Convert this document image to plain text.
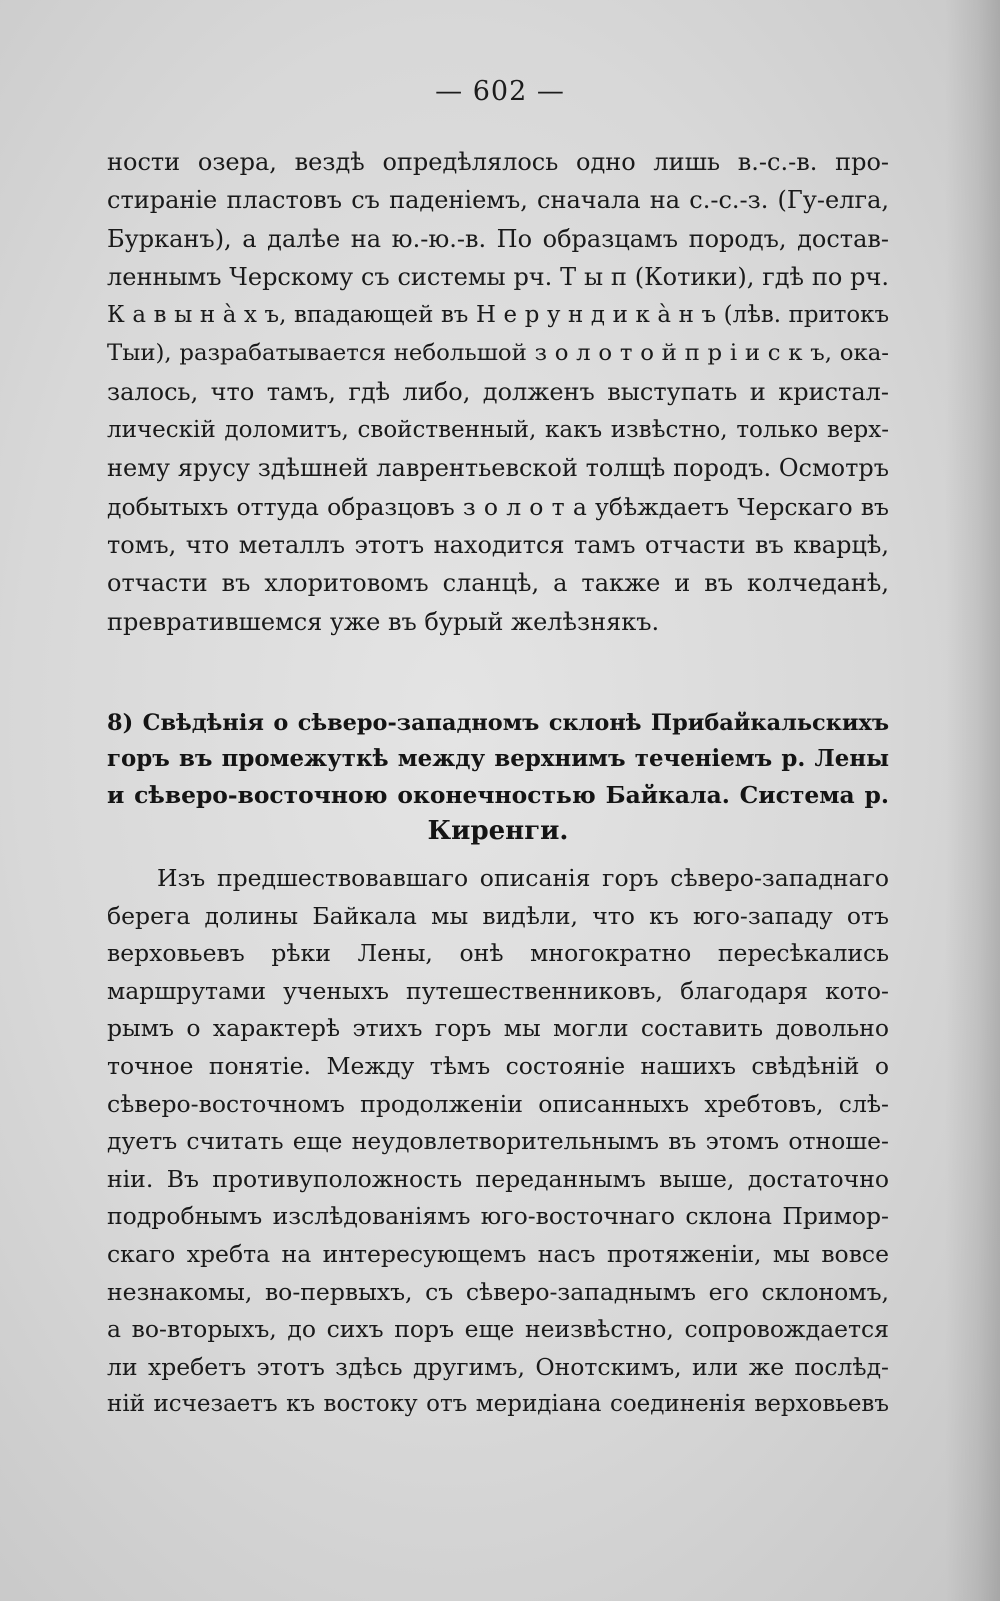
— 602 —
ности озера, вездѣ опредѣлялось одно лишь в.-с.-в. про-
стираніе пластовъ съ паденіемъ, сначала на с.-с.-з. (Гу-елга,
Бурканъ), а далѣе на ю.-ю.-в. По образцамъ породъ, достав-
леннымъ Черскому съ системы рч. Т ы п (Котики), гдѣ по рч.
К а в ы н а̀ х ъ, впадающей въ Н е р у н д и к а̀ н ъ (лѣв. притокъ
Тыи), разрабатывается небольшой з о л о т о й п р і и с к ъ, ока-
залось, что тамъ, гдѣ либо, долженъ выступать и кристал-
лическій доломитъ, свойственный, какъ извѣстно, только верх-
нему ярусу здѣшней лаврентьевской толщѣ породъ. Осмотръ
добытыхъ оттуда образцовъ з о л о т а убѣждаетъ Черскаго въ
томъ, что металлъ этотъ находится тамъ отчасти въ кварцѣ,
отчасти въ хлоритовомъ сланцѣ, а также и въ колчеданѣ,
превратившемся уже въ бурый желѣзнякъ.
8) Свѣдѣнія о сѣверо-западномъ склонѣ Прибайкальскихъ
горъ въ промежуткѣ между верхнимъ теченіемъ р. Лены
и сѣверо-восточною оконечностью Байкала. Система р.
Киренги.
Изъ предшествовавшаго описанія горъ сѣверо-западнаго
берега долины Байкала мы видѣли, что къ юго-западу отъ
верховьевъ рѣки Лены, онѣ многократно пересѣкались
маршрутами ученыхъ путешественниковъ, благодаря кото-
рымъ о характерѣ этихъ горъ мы могли составить довольно
точное понятіе. Между тѣмъ состояніе нашихъ свѣдѣній о
сѣверо-восточномъ продолженіи описанныхъ хребтовъ, слѣ-
дуетъ считать еще неудовлетворительнымъ въ этомъ отноше-
ніи. Въ противуположность переданнымъ выше, достаточно
подробнымъ изслѣдованіямъ юго-восточнаго склона Примор-
скаго хребта на интересующемъ насъ протяженіи, мы вовсе
незнакомы, во-первыхъ, съ сѣверо-западнымъ его склономъ,
а во-вторыхъ, до сихъ поръ еще неизвѣстно, сопровождается
ли хребетъ этотъ здѣсь другимъ, Онотскимъ, или же послѣд-
ній исчезаетъ къ востоку отъ меридіана соединенія верховьевъ
